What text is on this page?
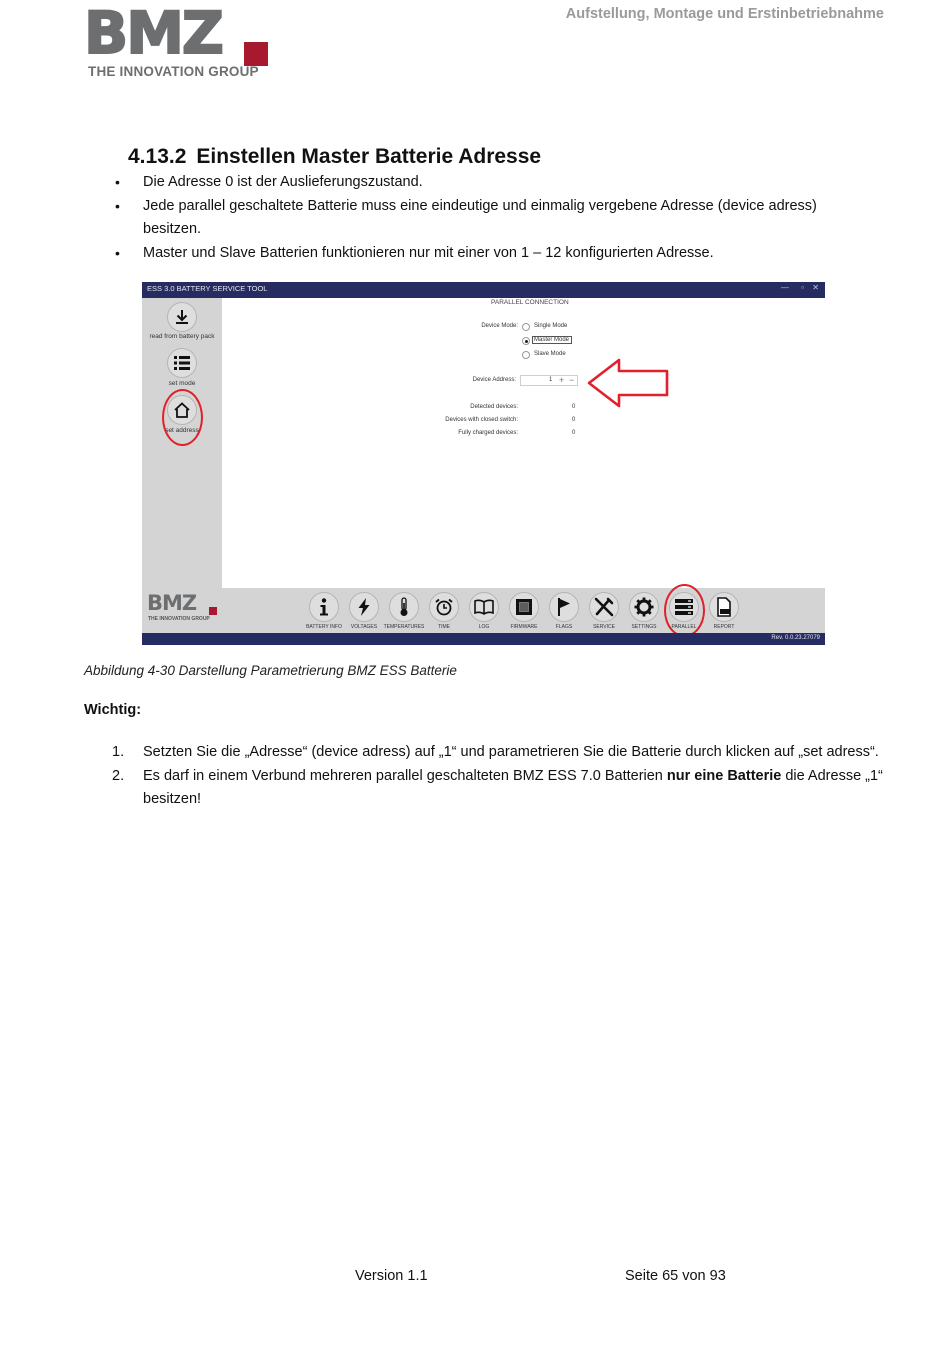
BMZ
THE INNOVATION GROUP
Aufstellung, Montage und Erstinbetriebnahme
4.13.2 Einstellen Master Batterie Adresse
• Die Adresse 0 ist der Auslieferungszustand.
• Jede parallel geschaltete Batterie muss eine eindeutige und einmalig vergebene Adresse (device adress) besitzen.
• Master und Slave Batterien funktionieren nur mit einer von 1 – 12 konfigurierten Adresse.
ESS 3.0 BATTERY SERVICE TOOL	— ▫ ✕
read from battery pack
set mode
set address
PARALLEL CONNECTION
Device Mode:	Single Mode
Master Mode
Slave Mode
Device Address:	1 + −
Detected devices:	0
Devices with closed switch:	0
Fully charged devices:	0
BMZ
THE INNOVATION GROUP
BATTERY INFO	VOLTAGES	TEMPERATURES	TIME	LOG	FIRMWARE	FLAGS	SERVICE	SETTINGS	PARALLEL	REPORT
Rev. 0.0.23.27079
Abbildung 4-30 Darstellung Parametrierung BMZ ESS Batterie
Wichtig:
1. Setzten Sie die „Adresse“ (device adress) auf „1“ und parametrieren Sie die Batterie durch klicken auf „set adress“.
2. Es darf in einem Verbund mehreren parallel geschalteten BMZ ESS 7.0 Batterien nur eine Batterie die Adresse „1“ besitzen!
Version 1.1	Seite 65 von 93
